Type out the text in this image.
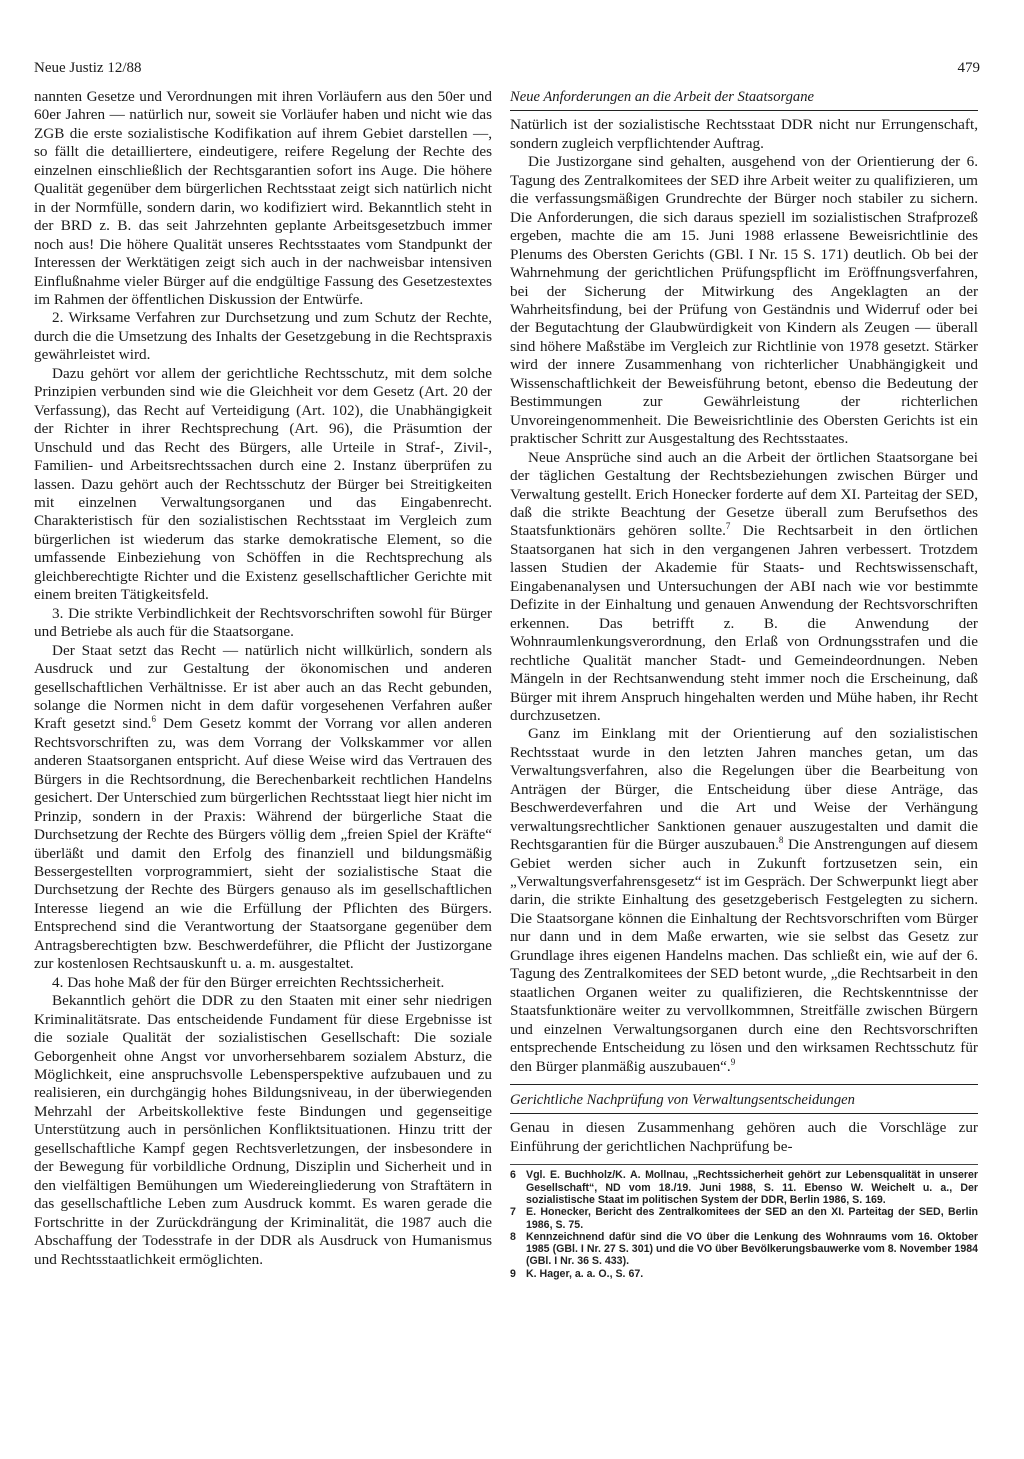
Neue Justiz 12/88	479

nannten Gesetze und Verordnungen mit ihren Vorläufern aus den 50er und 60er Jahren — natürlich nur, soweit sie Vorläufer haben und nicht wie das ZGB die erste sozialistische Kodifikation auf ihrem Gebiet darstellen —, so fällt die detailliertere, eindeutigere, reifere Regelung der Rechte des einzelnen einschließlich der Rechtsgarantien sofort ins Auge. Die höhere Qualität gegenüber dem bürgerlichen Rechtsstaat zeigt sich natürlich nicht in der Normfülle, sondern darin, wo kodifiziert wird. Bekanntlich steht in der BRD z. B. das seit Jahrzehnten geplante Arbeitsgesetzbuch immer noch aus! Die höhere Qualität unseres Rechtsstaates vom Standpunkt der Interessen der Werktätigen zeigt sich auch in der nachweisbar intensiven Einflußnahme vieler Bürger auf die endgültige Fassung des Gesetzestextes im Rahmen der öffentlichen Diskussion der Entwürfe.

2. Wirksame Verfahren zur Durchsetzung und zum Schutz der Rechte, durch die die Umsetzung des Inhalts der Gesetzgebung in die Rechtspraxis gewährleistet wird.

Dazu gehört vor allem der gerichtliche Rechtsschutz, mit dem solche Prinzipien verbunden sind wie die Gleichheit vor dem Gesetz (Art. 20 der Verfassung), das Recht auf Verteidigung (Art. 102), die Unabhängigkeit der Richter in ihrer Rechtsprechung (Art. 96), die Präsumtion der Unschuld und das Recht des Bürgers, alle Urteile in Straf-, Zivil-, Familien- und Arbeitsrechtssachen durch eine 2. Instanz überprüfen zu lassen. Dazu gehört auch der Rechtsschutz der Bürger bei Streitigkeiten mit einzelnen Verwaltungsorganen und das Eingabenrecht. Charakteristisch für den sozialistischen Rechtsstaat im Vergleich zum bürgerlichen ist wiederum das starke demokratische Element, so die umfassende Einbeziehung von Schöffen in die Rechtsprechung als gleichberechtigte Richter und die Existenz gesellschaftlicher Gerichte mit einem breiten Tätigkeitsfeld.

3. Die strikte Verbindlichkeit der Rechtsvorschriften sowohl für Bürger und Betriebe als auch für die Staatsorgane.

Der Staat setzt das Recht — natürlich nicht willkürlich, sondern als Ausdruck und zur Gestaltung der ökonomischen und anderen gesellschaftlichen Verhältnisse. Er ist aber auch an das Recht gebunden, solange die Normen nicht in dem dafür vorgesehenen Verfahren außer Kraft gesetzt sind.$^6$ Dem Gesetz kommt der Vorrang vor allen anderen Rechtsvorschriften zu, was dem Vorrang der Volkskammer vor allen anderen Staatsorganen entspricht. Auf diese Weise wird das Vertrauen des Bürgers in die Rechtsordnung, die Berechenbarkeit rechtlichen Handelns gesichert. Der Unterschied zum bürgerlichen Rechtsstaat liegt hier nicht im Prinzip, sondern in der Praxis: Während der bürgerliche Staat die Durchsetzung der Rechte des Bürgers völlig dem „freien Spiel der Kräfte“ überläßt und damit den Erfolg des finanziell und bildungsmäßig Bessergestellten vorprogrammiert, sieht der sozialistische Staat die Durchsetzung der Rechte des Bürgers genauso als im gesellschaftlichen Interesse liegend an wie die Erfüllung der Pflichten des Bürgers. Entsprechend sind die Verantwortung der Staatsorgane gegenüber dem Antragsberechtigten bzw. Beschwerdeführer, die Pflicht der Justizorgane zur kostenlosen Rechtsauskunft u. a. m. ausgestaltet.

4. Das hohe Maß der für den Bürger erreichten Rechtssicherheit.

Bekanntlich gehört die DDR zu den Staaten mit einer sehr niedrigen Kriminalitätsrate. Das entscheidende Fundament für diese Ergebnisse ist die soziale Qualität der sozialistischen Gesellschaft: Die soziale Geborgenheit ohne Angst vor unvorhersehbarem sozialem Absturz, die Möglichkeit, eine anspruchsvolle Lebensperspektive aufzubauen und zu realisieren, ein durchgängig hohes Bildungsniveau, in der überwiegenden Mehrzahl der Arbeitskollektive feste Bindungen und gegenseitige Unterstützung auch in persönlichen Konfliktsituationen. Hinzu tritt der gesellschaftliche Kampf gegen Rechtsverletzungen, der insbesondere in der Bewegung für vorbildliche Ordnung, Disziplin und Sicherheit und in den vielfältigen Bemühungen um Wiedereingliederung von Straftätern in das gesellschaftliche Leben zum Ausdruck kommt. Es waren gerade die Fortschritte in der Zurückdrängung der Kriminalität, die 1987 auch die Abschaffung der Todesstrafe in der DDR als Ausdruck von Humanismus und Rechtsstaatlichkeit ermöglichten.

Neue Anforderungen an die Arbeit der Staatsorgane

Natürlich ist der sozialistische Rechtsstaat DDR nicht nur Errungenschaft, sondern zugleich verpflichtender Auftrag.

Die Justizorgane sind gehalten, ausgehend von der Orientierung der 6. Tagung des Zentralkomitees der SED ihre Arbeit weiter zu qualifizieren, um die verfassungsmäßigen Grundrechte der Bürger noch stabiler zu sichern. Die Anforderungen, die sich daraus speziell im sozialistischen Strafprozeß ergeben, machte die am 15. Juni 1988 erlassene Beweisrichtlinie des Plenums des Obersten Gerichts (GBl. I Nr. 15 S. 171) deutlich. Ob bei der Wahrnehmung der gerichtlichen Prüfungspflicht im Eröffnungsverfahren, bei der Sicherung der Mitwirkung des Angeklagten an der Wahrheitsfindung, bei der Prüfung von Geständnis und Widerruf oder bei der Begutachtung der Glaubwürdigkeit von Kindern als Zeugen — überall sind höhere Maßstäbe im Vergleich zur Richtlinie von 1978 gesetzt. Stärker wird der innere Zusammenhang von richterlicher Unabhängigkeit und Wissenschaftlichkeit der Beweisführung betont, ebenso die Bedeutung der Bestimmungen zur Gewährleistung der richterlichen Unvoreingenommenheit. Die Beweisrichtlinie des Obersten Gerichts ist ein praktischer Schritt zur Ausgestaltung des Rechtsstaates.

Neue Ansprüche sind auch an die Arbeit der örtlichen Staatsorgane bei der täglichen Gestaltung der Rechtsbeziehungen zwischen Bürger und Verwaltung gestellt. Erich Honecker forderte auf dem XI. Parteitag der SED, daß die strikte Beachtung der Gesetze überall zum Berufsethos des Staatsfunktionärs gehören sollte.$^7$ Die Rechtsarbeit in den örtlichen Staatsorganen hat sich in den vergangenen Jahren verbessert. Trotzdem lassen Studien der Akademie für Staats- und Rechtswissenschaft, Eingabenanalysen und Untersuchungen der ABI nach wie vor bestimmte Defizite in der Einhaltung und genauen Anwendung der Rechtsvorschriften erkennen. Das betrifft z. B. die Anwendung der Wohnraumlenkungsverordnung, den Erlaß von Ordnungsstrafen und die rechtliche Qualität mancher Stadt- und Gemeindeordnungen. Neben Mängeln in der Rechtsanwendung steht immer noch die Erscheinung, daß Bürger mit ihrem Anspruch hingehalten werden und Mühe haben, ihr Recht durchzusetzen.

Ganz im Einklang mit der Orientierung auf den sozialistischen Rechtsstaat wurde in den letzten Jahren manches getan, um das Verwaltungsverfahren, also die Regelungen über die Bearbeitung von Anträgen der Bürger, die Entscheidung über diese Anträge, das Beschwerdeverfahren und die Art und Weise der Verhängung verwaltungsrechtlicher Sanktionen genauer auszugestalten und damit die Rechtsgarantien für die Bürger auszubauen.$^8$ Die Anstrengungen auf diesem Gebiet werden sicher auch in Zukunft fortzusetzen sein, ein „Verwaltungsverfahrensgesetz“ ist im Gespräch. Der Schwerpunkt liegt aber darin, die strikte Einhaltung des gesetzgeberisch Festgelegten zu sichern. Die Staatsorgane können die Einhaltung der Rechtsvorschriften vom Bürger nur dann und in dem Maße erwarten, wie sie selbst das Gesetz zur Grundlage ihres eigenen Handelns machen. Das schließt ein, wie auf der 6. Tagung des Zentralkomitees der SED betont wurde, „die Rechtsarbeit in den staatlichen Organen weiter zu qualifizieren, die Rechtskenntnisse der Staatsfunktionäre weiter zu vervollkommnen, Streitfälle zwischen Bürgern und einzelnen Verwaltungsorganen durch eine den Rechtsvorschriften entsprechende Entscheidung zu lösen und den wirksamen Rechtsschutz für den Bürger planmäßig auszubauen“.$^9$

Gerichtliche Nachprüfung von Verwaltungsentscheidungen

Genau in diesen Zusammenhang gehören auch die Vorschläge zur Einführung der gerichtlichen Nachprüfung be-

6 Vgl. E. Buchholz/K. A. Mollnau, „Rechtssicherheit gehört zur Lebensqualität in unserer Gesellschaft“, ND vom 18./19. Juni 1988, S. 11. Ebenso W. Weichelt u. a., Der sozialistische Staat im politischen System der DDR, Berlin 1986, S. 169.
7 E. Honecker, Bericht des Zentralkomitees der SED an den XI. Parteitag der SED, Berlin 1986, S. 75.
8 Kennzeichnend dafür sind die VO über die Lenkung des Wohnraums vom 16. Oktober 1985 (GBl. I Nr. 27 S. 301) und die VO über Bevölkerungsbauwerke vom 8. November 1984 (GBl. I Nr. 36 S. 433).
9 K. Hager, a. a. O., S. 67.
